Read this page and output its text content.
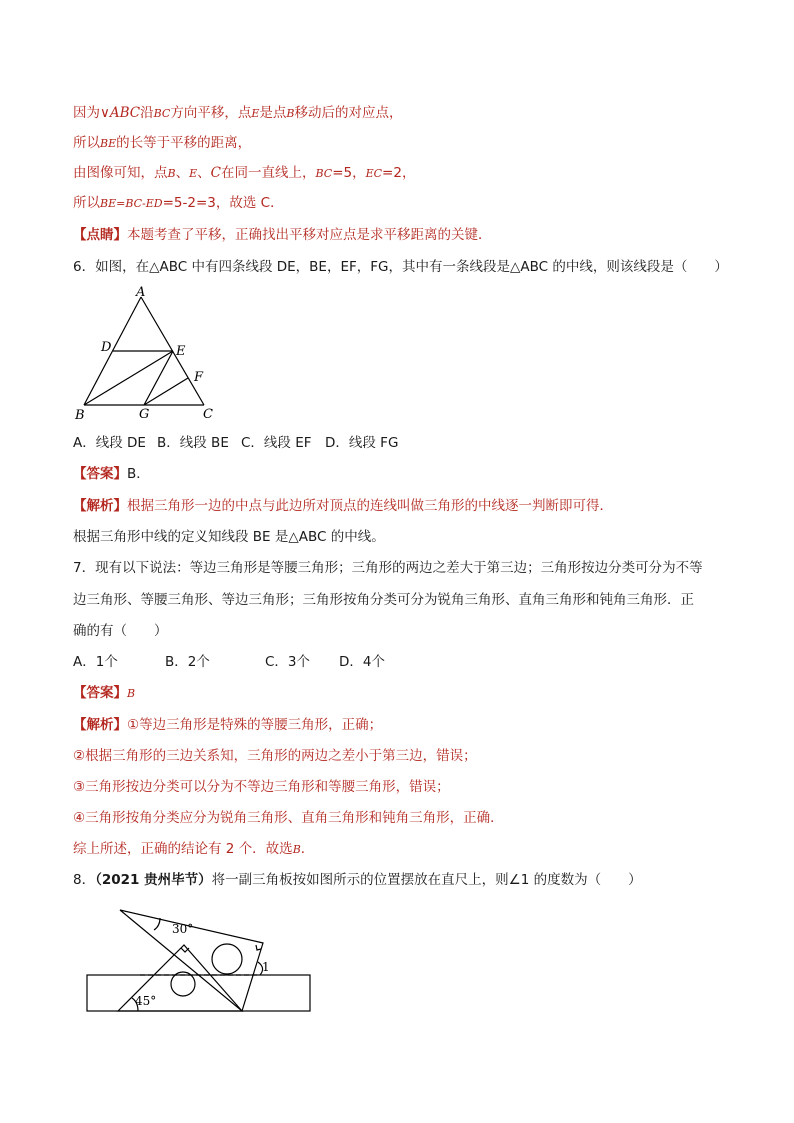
因为∨ABC沿BC方向平移，点E是点B移动后的对应点，
所以BE的长等于平移的距离，
由图像可知，点B、E、C在同一直线上，BC=5，EC=2，
所以BE=BC-ED=5-2=3，故选 C．
【点睛】本题考查了平移，正确找出平移对应点是求平移距离的关键．
6．如图，在△ABC 中有四条线段 DE，BE，EF，FG，其中有一条线段是△ABC 的中线，则该线段是（　　）
A
D	E
F
B	G	C
A．线段 DE B．线段 BE C．线段 EF D．线段 FG
【答案】B．
【解析】根据三角形一边的中点与此边所对顶点的连线叫做三角形的中线逐一判断即可得．
根据三角形中线的定义知线段 BE 是△ABC 的中线。
7．现有以下说法：等边三角形是等腰三角形；三角形的两边之差大于第三边；三角形按边分类可分为不等
边三角形、等腰三角形、等边三角形；三角形按角分类可分为锐角三角形、直角三角形和钝角三角形．正
确的有（　　）
A．1个	B．2个	C．3个 D．4个
【答案】B
【解析】①等边三角形是特殊的等腰三角形，正确；
②根据三角形的三边关系知，三角形的两边之差小于第三边，错误；
③三角形按边分类可以分为不等边三角形和等腰三角形，错误；
④三角形按角分类应分为锐角三角形、直角三角形和钝角三角形，正确．
综上所述，正确的结论有 2 个．故选B．
8．（2021 贵州毕节）将一副三角板按如图所示的位置摆放在直尺上，则∠1 的度数为（　　）
30°
45°
1
